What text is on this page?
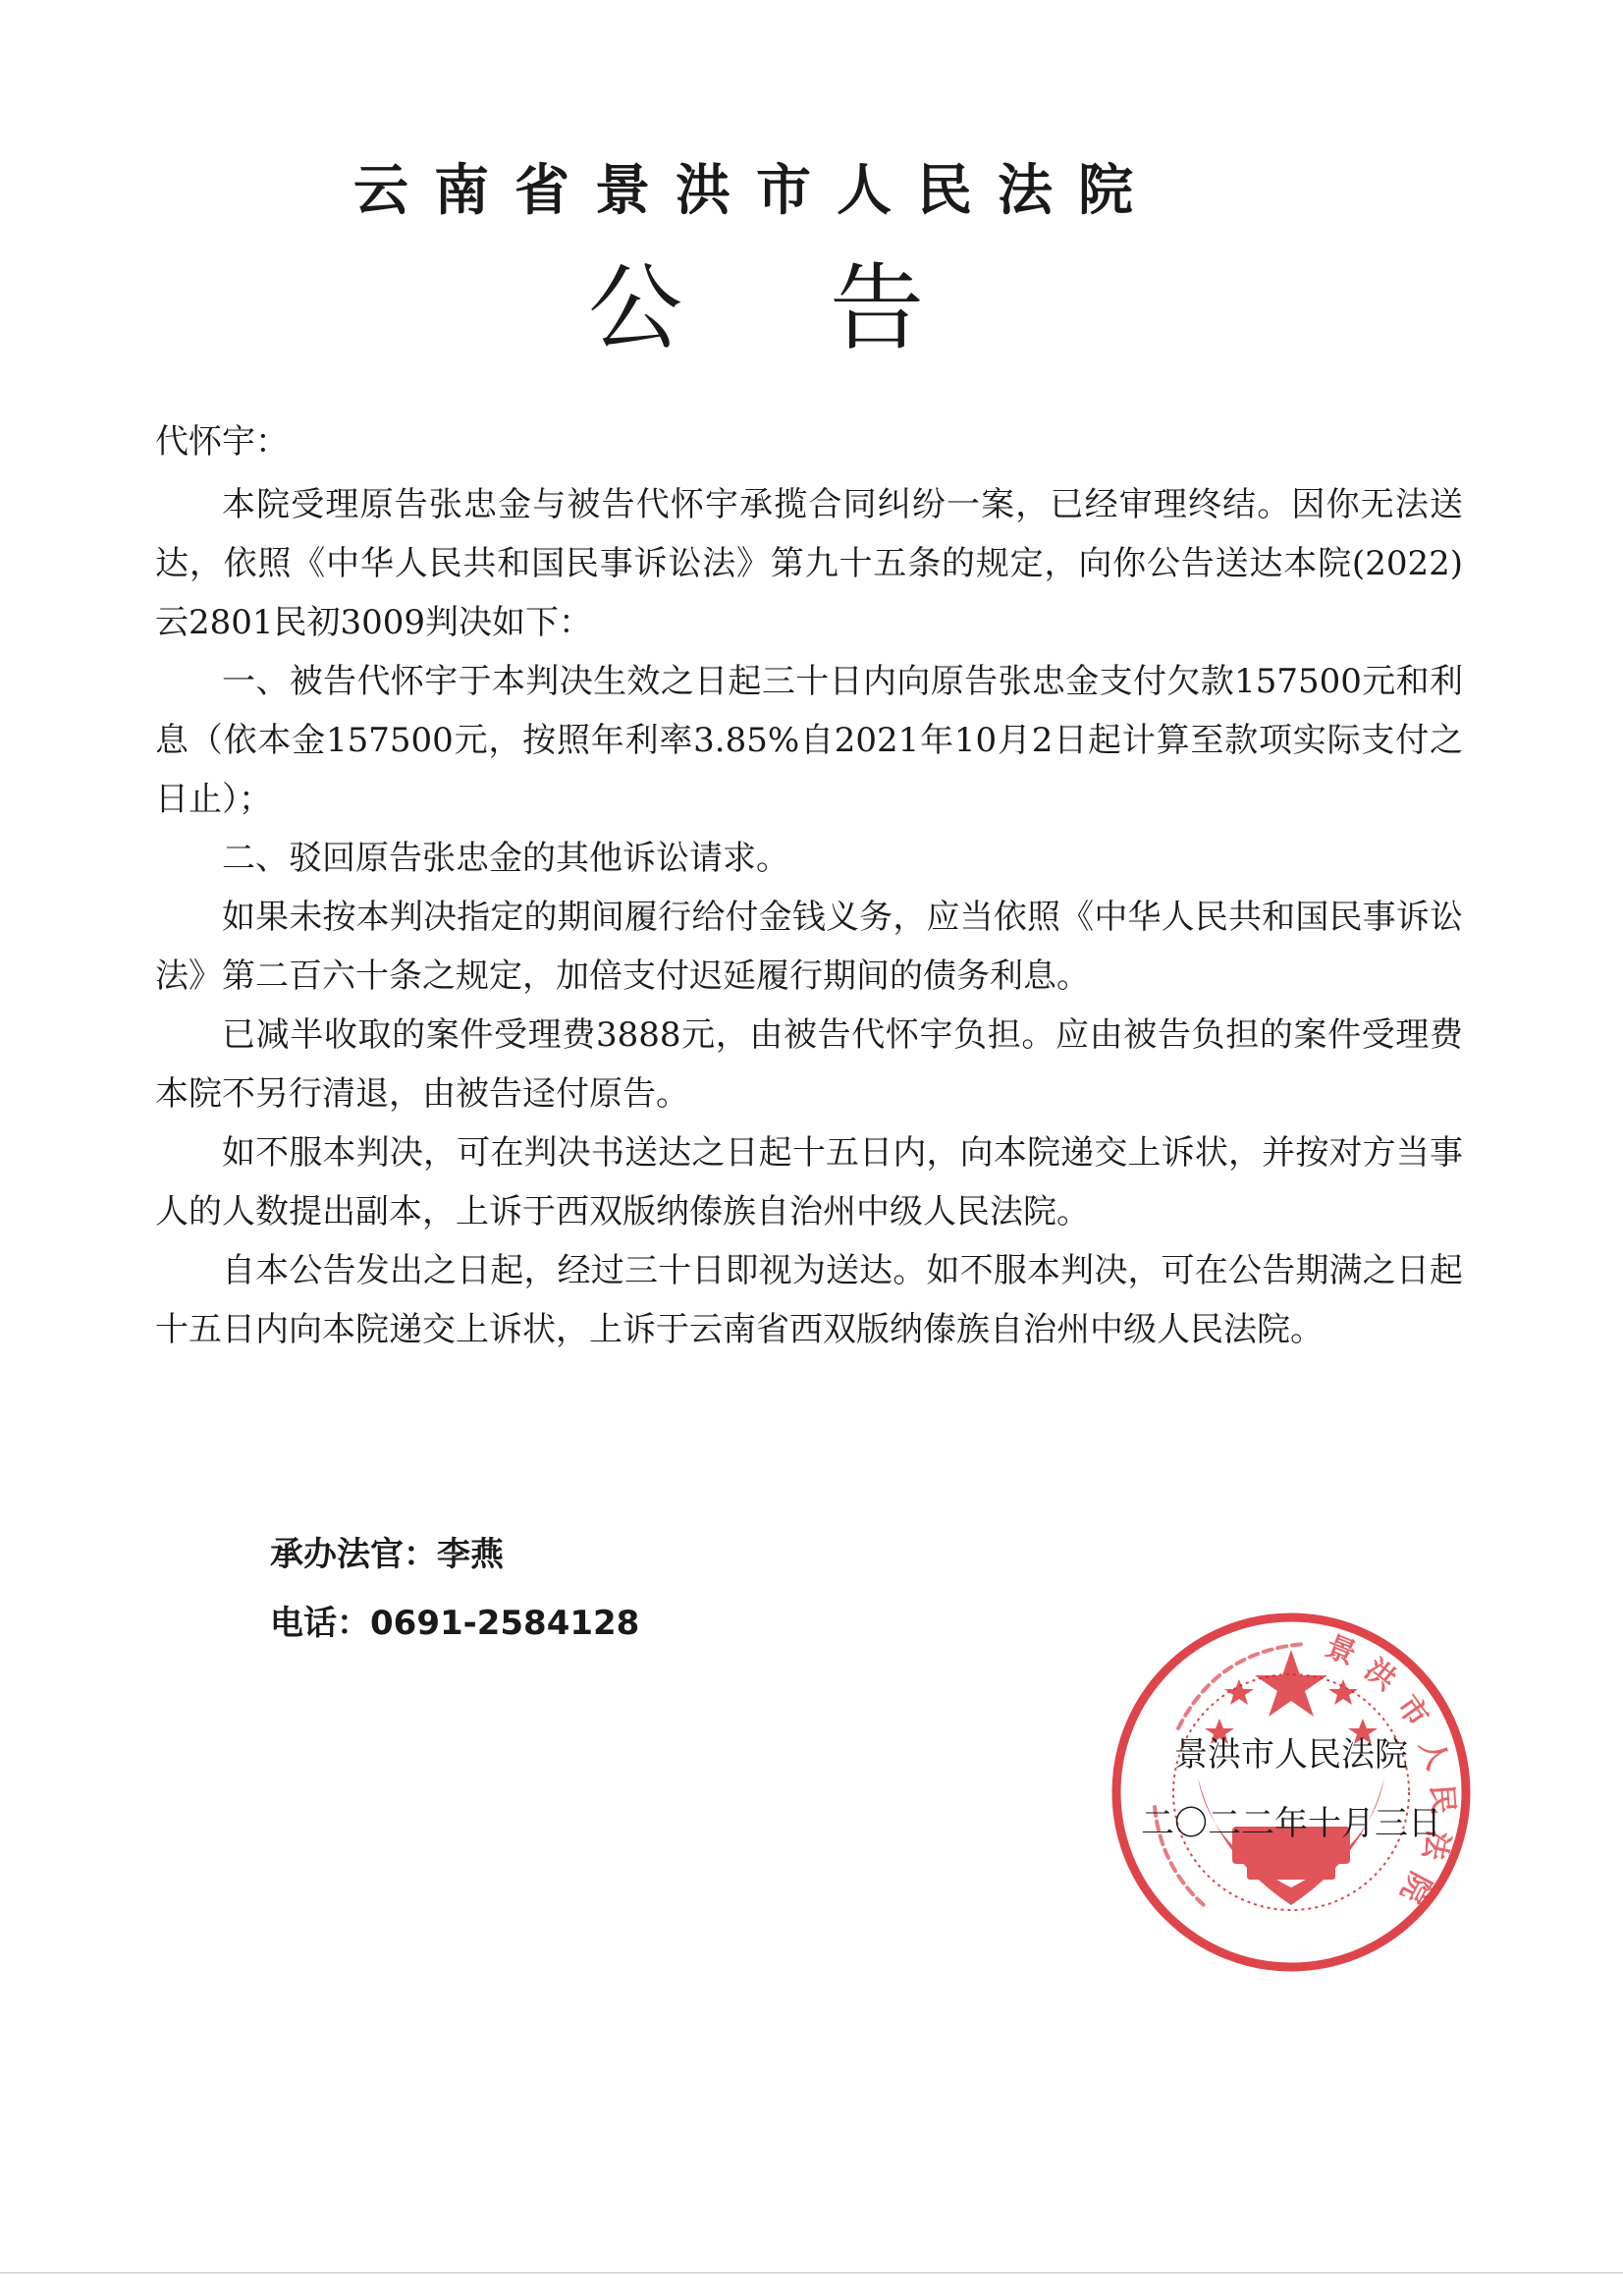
云南省景洪市人民法院
公告

代怀宇：

本院受理原告张忠金与被告代怀宇承揽合同纠纷一案，已经审理终结。因你无法送达，依照《中华人民共和国民事诉讼法》第九十五条的规定，向你公告送达本院(2022)云2801民初3009判决如下：

一、被告代怀宇于本判决生效之日起三十日内向原告张忠金支付欠款157500元和利息（依本金157500元，按照年利率3.85%自2021年10月2日起计算至款项实际支付之日止）；

二、驳回原告张忠金的其他诉讼请求。

如果未按本判决指定的期间履行给付金钱义务，应当依照《中华人民共和国民事诉讼法》第二百六十条之规定，加倍支付迟延履行期间的债务利息。

已减半收取的案件受理费3888元，由被告代怀宇负担。应由被告负担的案件受理费本院不另行清退，由被告迳付原告。

如不服本判决，可在判决书送达之日起十五日内，向本院递交上诉状，并按对方当事人的人数提出副本，上诉于西双版纳傣族自治州中级人民法院。

自本公告发出之日起，经过三十日即视为送达。如不服本判决，可在公告期满之日起十五日内向本院递交上诉状，上诉于云南省西双版纳傣族自治州中级人民法院。

承办法官：李燕
电话：0691-2584128
景
洪
市
人
民
法
院
景洪市人民法院
二〇二二年十月三日
